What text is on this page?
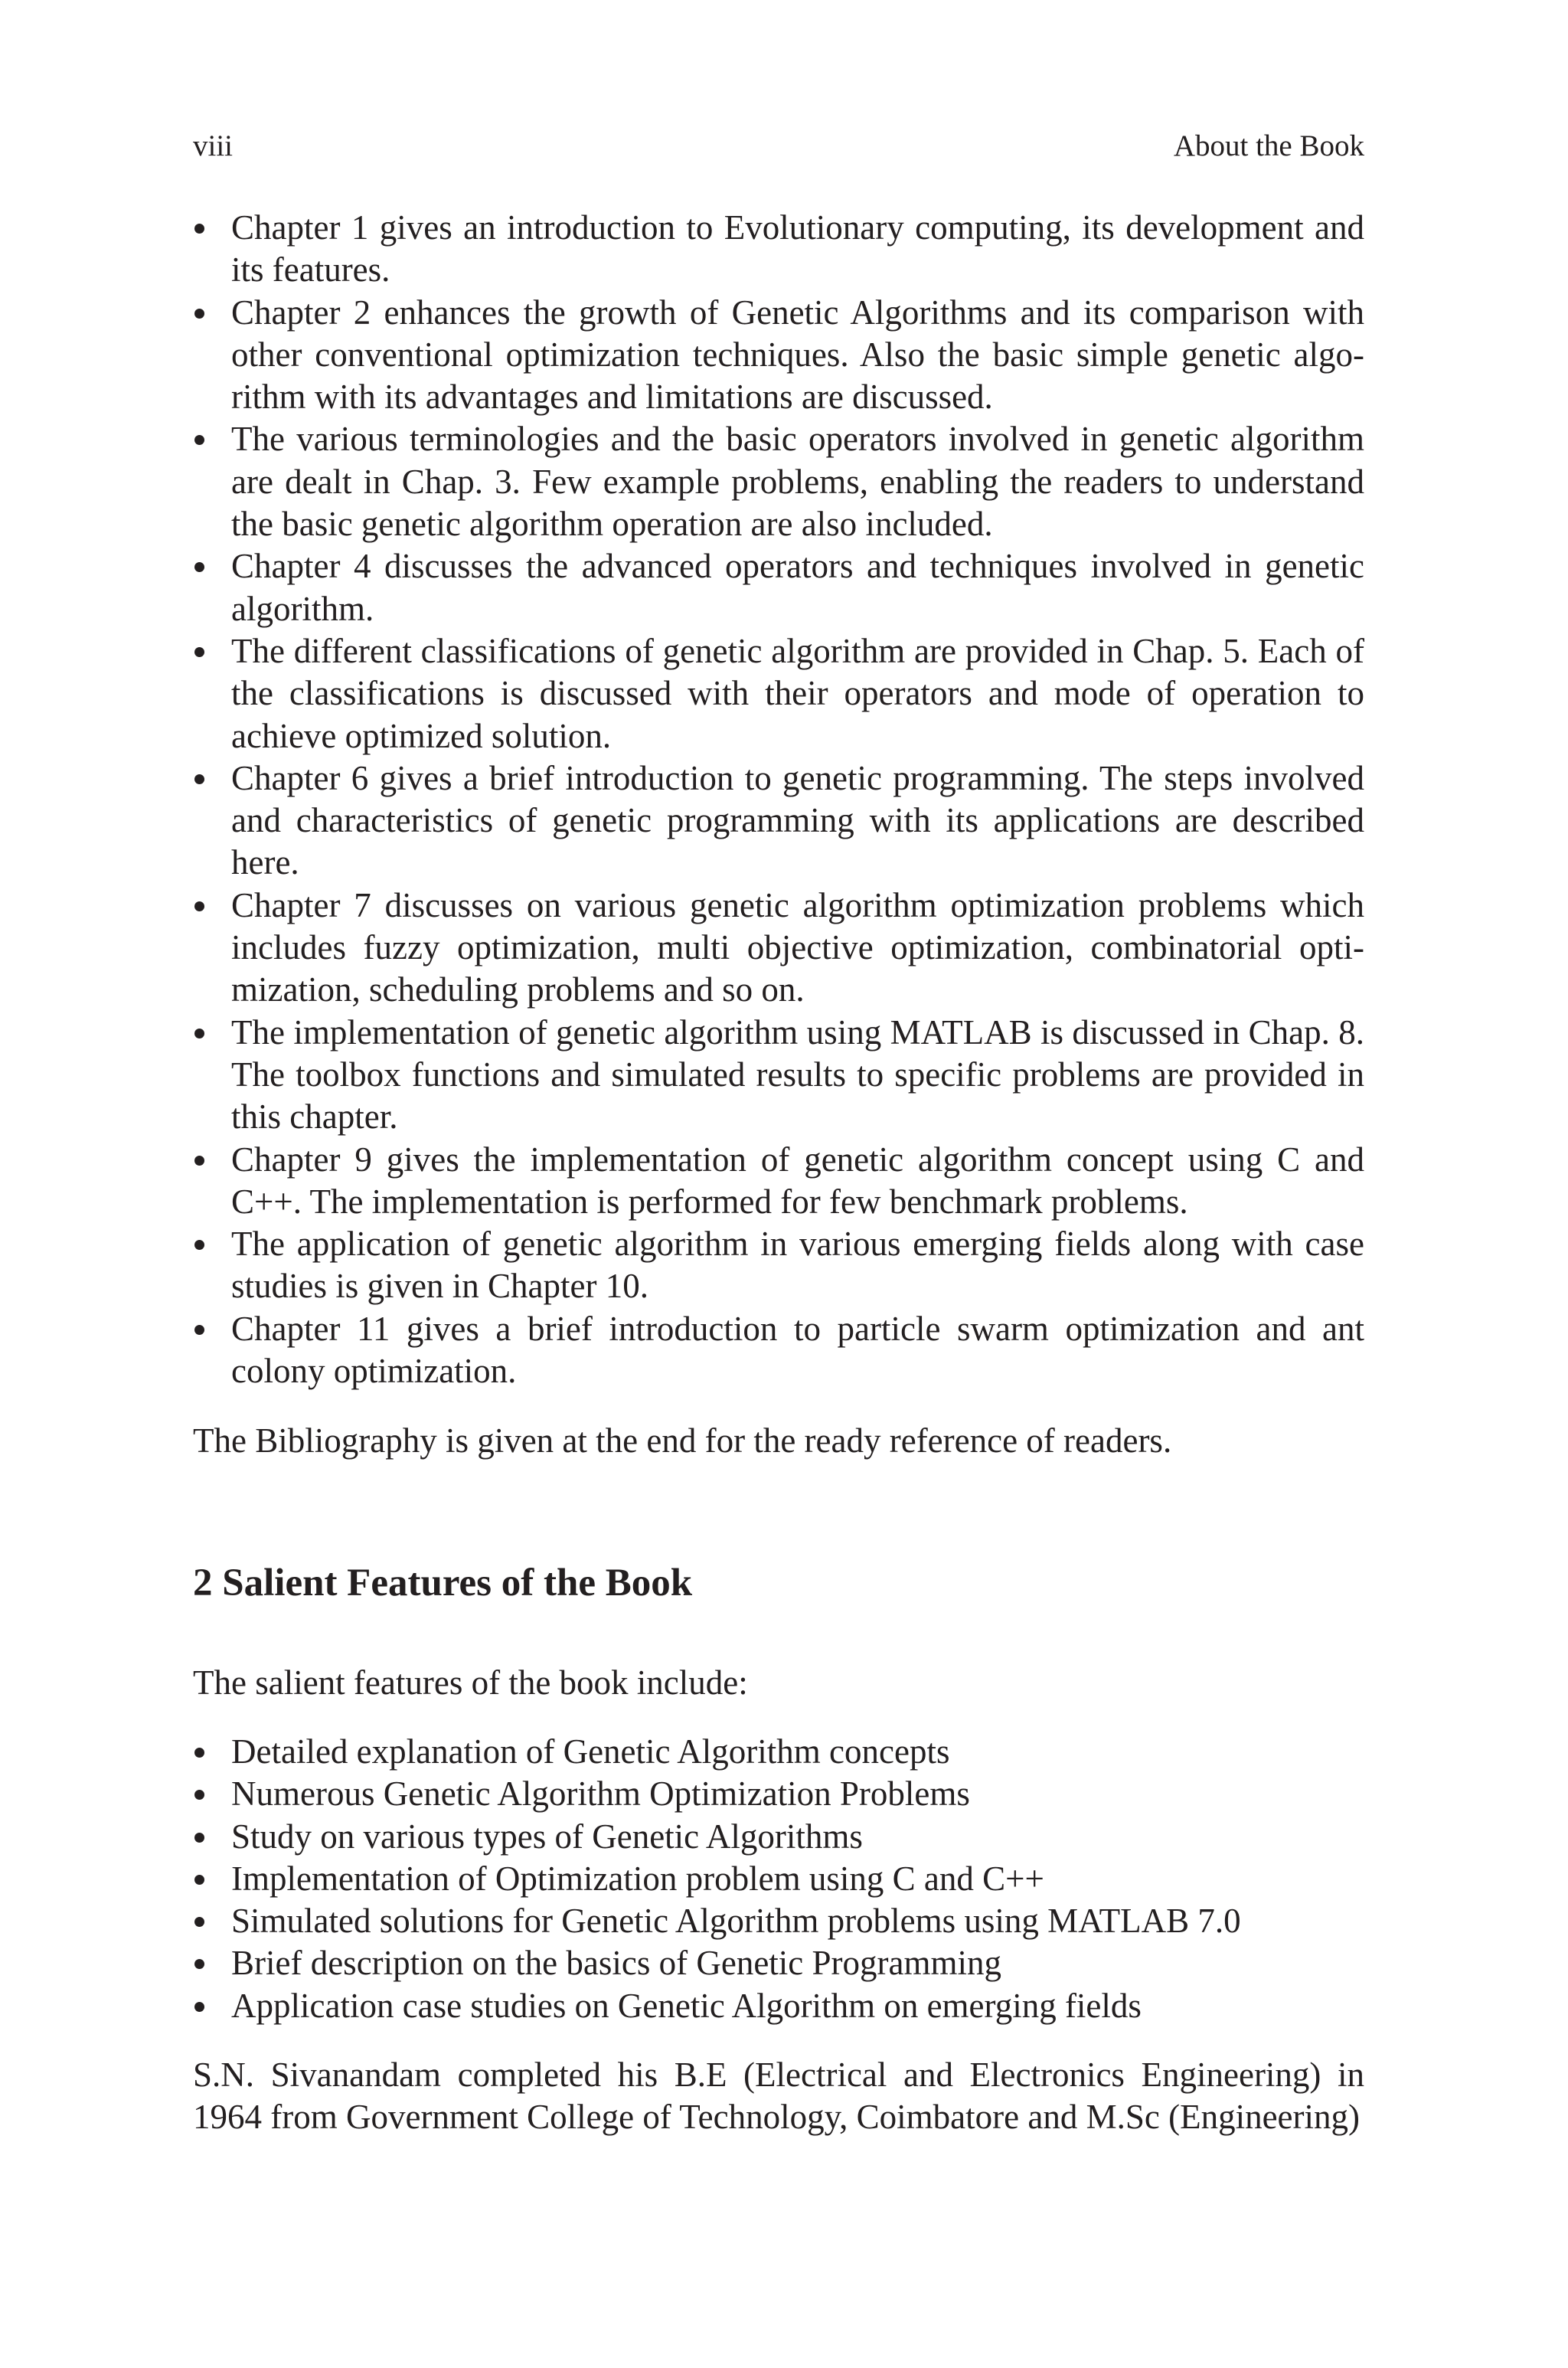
viii	About the Book
Chapter 1 gives an introduction to Evolutionary computing, its development and its features.
Chapter 2 enhances the growth of Genetic Algorithms and its comparison with other conventional optimization techniques. Also the basic simple genetic algorithm with its advantages and limitations are discussed.
The various terminologies and the basic operators involved in genetic algorithm are dealt in Chap. 3. Few example problems, enabling the readers to understand the basic genetic algorithm operation are also included.
Chapter 4 discusses the advanced operators and techniques involved in genetic algorithm.
The different classifications of genetic algorithm are provided in Chap. 5. Each of the classifications is discussed with their operators and mode of operation to achieve optimized solution.
Chapter 6 gives a brief introduction to genetic programming. The steps involved and characteristics of genetic programming with its applications are described here.
Chapter 7 discusses on various genetic algorithm optimization problems which includes fuzzy optimization, multi objective optimization, combinatorial optimization, scheduling problems and so on.
The implementation of genetic algorithm using MATLAB is discussed in Chap. 8. The toolbox functions and simulated results to specific problems are provided in this chapter.
Chapter 9 gives the implementation of genetic algorithm concept using C and C++. The implementation is performed for few benchmark problems.
The application of genetic algorithm in various emerging fields along with case studies is given in Chapter 10.
Chapter 11 gives a brief introduction to particle swarm optimization and ant colony optimization.

The Bibliography is given at the end for the ready reference of readers.

2 Salient Features of the Book

The salient features of the book include:

Detailed explanation of Genetic Algorithm concepts
Numerous Genetic Algorithm Optimization Problems
Study on various types of Genetic Algorithms
Implementation of Optimization problem using C and C++
Simulated solutions for Genetic Algorithm problems using MATLAB 7.0
Brief description on the basics of Genetic Programming
Application case studies on Genetic Algorithm on emerging fields

S.N. Sivanandam completed his B.E (Electrical and Electronics Engineering) in 1964 from Government College of Technology, Coimbatore and M.Sc (Engineering)
